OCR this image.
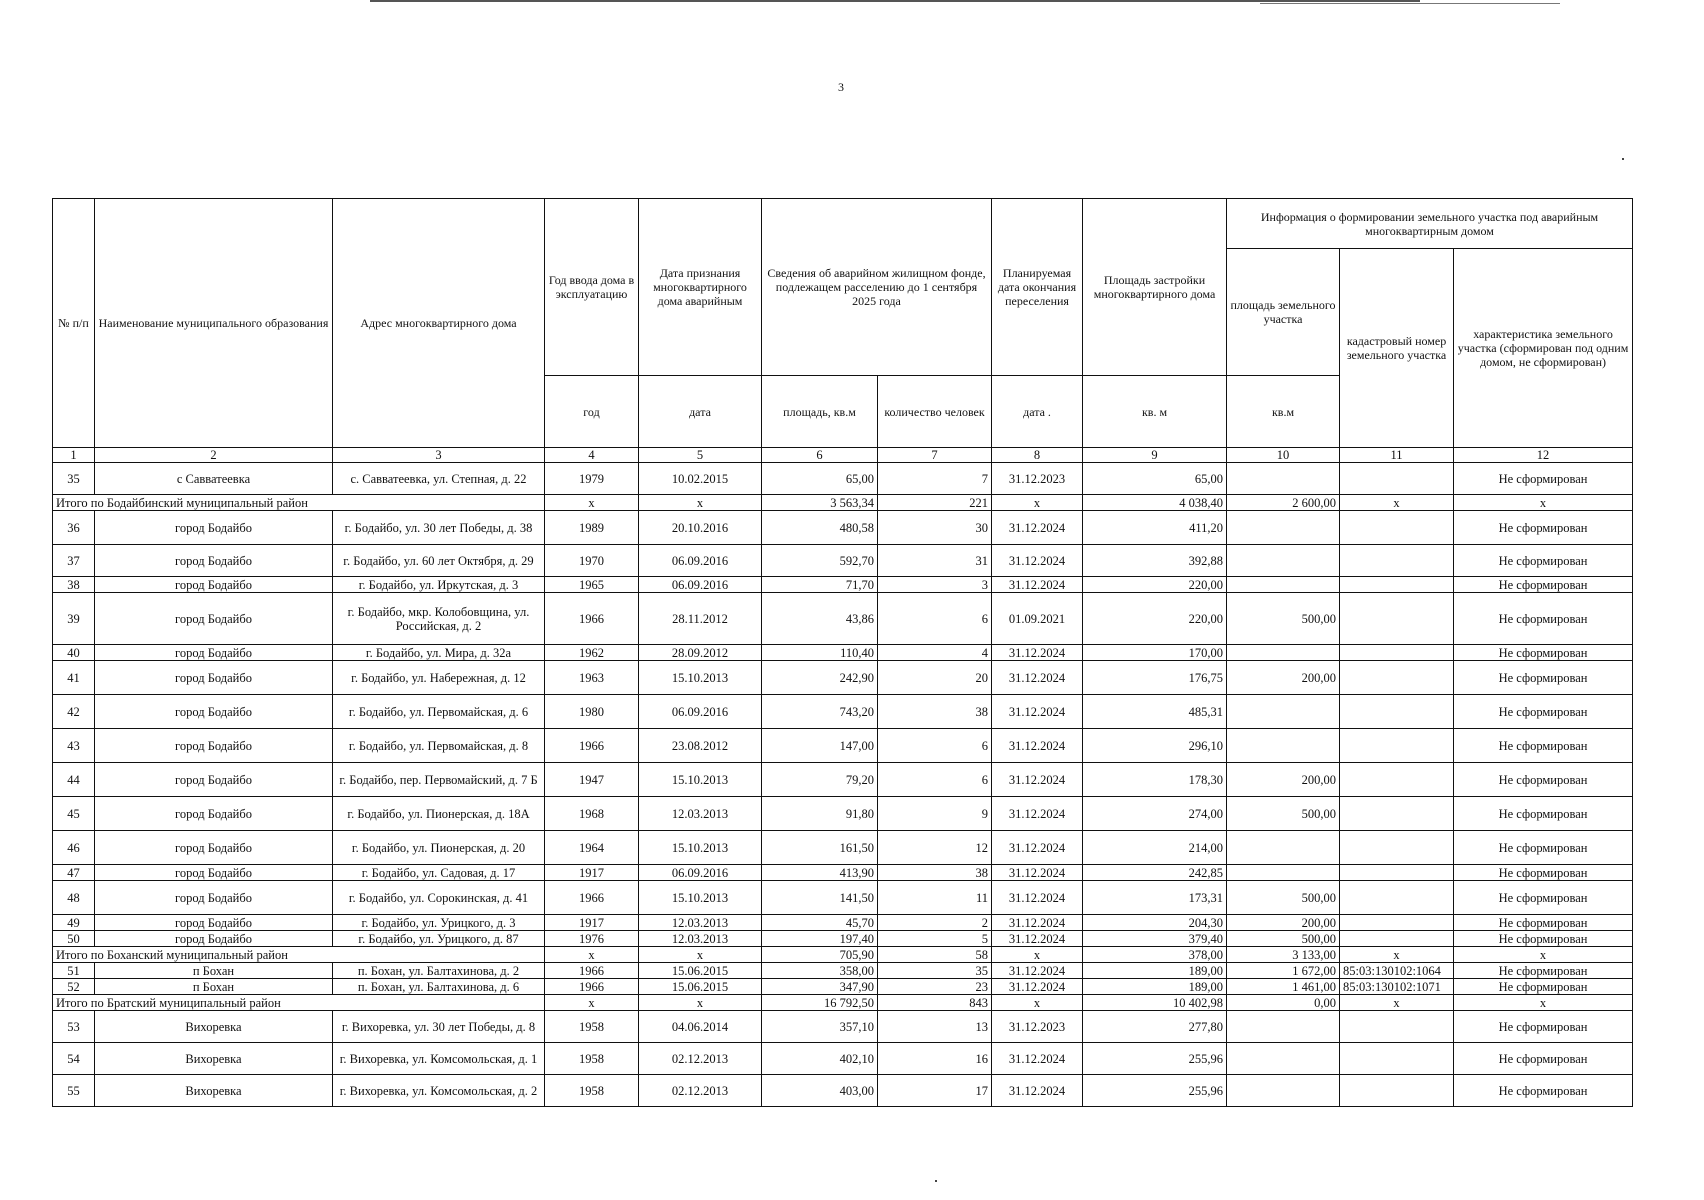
3
№ п/п	Наименование муниципального образования	Адрес многоквартирного дома	Год ввода дома в эксплуатацию	Дата признания многоквартирного дома аварийным	Сведения об аварийном жилищном фонде, подлежащем расселению до 1 сентября 2025 года		Планируемая дата окончания переселения	Площадь застройки многоквартирного дома	Информация о формировании земельного участка под аварийным многоквартирным домом		
									площадь земельного участка	кадастровый номер земельного участка	характеристика земельного участка (сформирован под одним домом, не сформирован)
			год	дата	площадь, кв.м	количество человек	дата .	кв. м	кв.м		
1	2	3	4	5	6	7	8	9	10	11	12
35	с Савватеевка	с. Савватеевка, ул. Степная, д. 22	1979	10.02.2015	65,00	7	31.12.2023	65,00			Не сформирован
Итого по Бодайбинский муниципальный район			х	х	3 563,34	221	х	4 038,40	2 600,00	х	х
36	город Бодайбо	г. Бодайбо, ул. 30 лет Победы, д. 38	1989	20.10.2016	480,58	30	31.12.2024	411,20			Не сформирован
37	город Бодайбо	г. Бодайбо, ул. 60 лет Октября, д. 29	1970	06.09.2016	592,70	31	31.12.2024	392,88			Не сформирован
38	город Бодайбо	г. Бодайбо, ул. Иркутская, д. 3	1965	06.09.2016	71,70	3	31.12.2024	220,00			Не сформирован
39	город Бодайбо	г. Бодайбо, мкр. Колобовщина, ул. Российская, д. 2	1966	28.11.2012	43,86	6	01.09.2021	220,00	500,00		Не сформирован
40	город Бодайбо	г. Бодайбо, ул. Мира, д. 32а	1962	28.09.2012	110,40	4	31.12.2024	170,00			Не сформирован
41	город Бодайбо	г. Бодайбо, ул. Набережная, д. 12	1963	15.10.2013	242,90	20	31.12.2024	176,75	200,00		Не сформирован
42	город Бодайбо	г. Бодайбо, ул. Первомайская, д. 6	1980	06.09.2016	743,20	38	31.12.2024	485,31			Не сформирован
43	город Бодайбо	г. Бодайбо, ул. Первомайская, д. 8	1966	23.08.2012	147,00	6	31.12.2024	296,10			Не сформирован
44	город Бодайбо	г. Бодайбо, пер. Первомайский, д. 7 Б	1947	15.10.2013	79,20	6	31.12.2024	178,30	200,00		Не сформирован
45	город Бодайбо	г. Бодайбо, ул. Пионерская, д. 18А	1968	12.03.2013	91,80	9	31.12.2024	274,00	500,00		Не сформирован
46	город Бодайбо	г. Бодайбо, ул. Пионерская, д. 20	1964	15.10.2013	161,50	12	31.12.2024	214,00			Не сформирован
47	город Бодайбо	г. Бодайбо, ул. Садовая, д. 17	1917	06.09.2016	413,90	38	31.12.2024	242,85			Не сформирован
48	город Бодайбо	г. Бодайбо, ул. Сорокинская, д. 41	1966	15.10.2013	141,50	11	31.12.2024	173,31	500,00		Не сформирован
49	город Бодайбо	г. Бодайбо, ул. Урицкого, д. 3	1917	12.03.2013	45,70	2	31.12.2024	204,30	200,00		Не сформирован
50	город Бодайбо	г. Бодайбо, ул. Урицкого, д. 87	1976	12.03.2013	197,40	5	31.12.2024	379,40	500,00		Не сформирован
Итого по Боханский муниципальный район			х	х	705,90	58	х	378,00	3 133,00	х	х
51	п Бохан	п. Бохан, ул. Балтахинова, д. 2	1966	15.06.2015	358,00	35	31.12.2024	189,00	1 672,00	85:03:130102:1064	Не сформирован
52	п Бохан	п. Бохан, ул. Балтахинова, д. 6	1966	15.06.2015	347,90	23	31.12.2024	189,00	1 461,00	85:03:130102:1071	Не сформирован
Итого по Братский муниципальный район			х	х	16 792,50	843	х	10 402,98	0,00	х	х
53	Вихоревка	г. Вихоревка, ул. 30 лет Победы, д. 8	1958	04.06.2014	357,10	13	31.12.2023	277,80			Не сформирован
54	Вихоревка	г. Вихоревка, ул. Комсомольская, д. 1	1958	02.12.2013	402,10	16	31.12.2024	255,96			Не сформирован
55	Вихоревка	г. Вихоревка, ул. Комсомольская, д. 2	1958	02.12.2013	403,00	17	31.12.2024	255,96			Не сформирован
